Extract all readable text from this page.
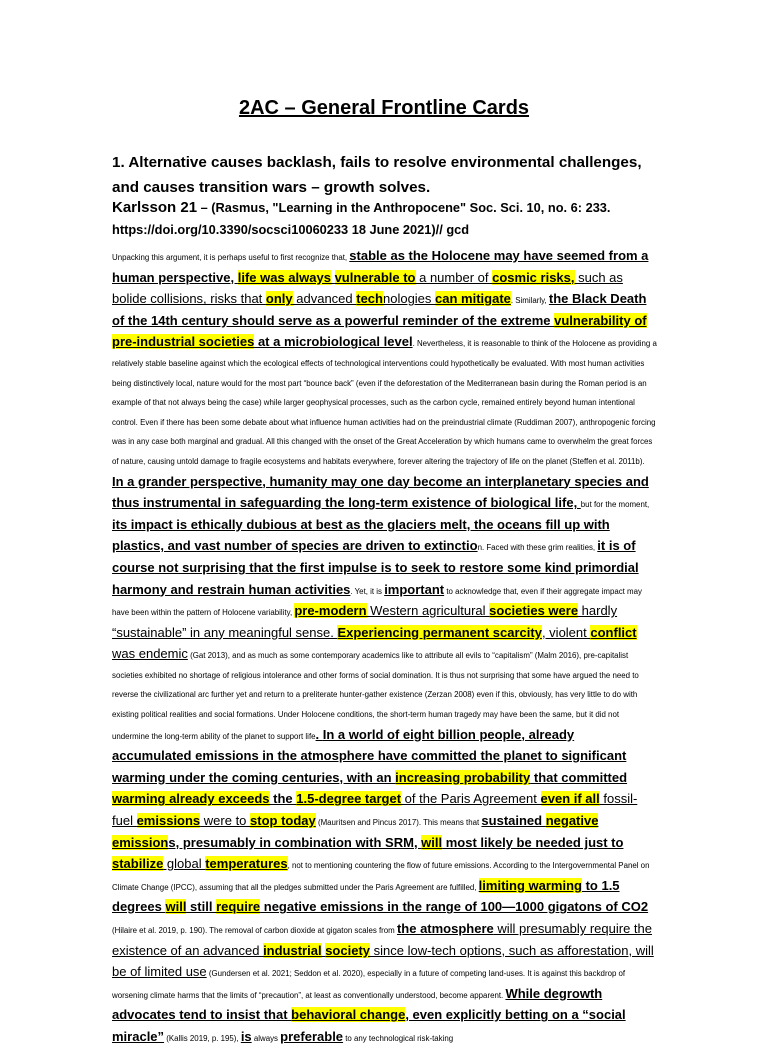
2AC – General Frontline Cards

1. Alternative causes backlash, fails to resolve environmental challenges, and causes transition wars – growth solves.

Karlsson 21 – (Rasmus, "Learning in the Anthropocene" Soc. Sci. 10, no. 6: 233. https://doi.org/10.3390/socsci10060233 18 June 2021)// gcd

Unpacking this argument, it is perhaps useful to first recognize that, stable as the Holocene may have seemed from a human perspective, life was always vulnerable to a number of cosmic risks, such as bolide collisions, risks that only advanced technologies can mitigate. Similarly, the Black Death of the 14th century should serve as a powerful reminder of the extreme vulnerability of pre-industrial societies at a microbiological level. Nevertheless, it is reasonable to think of the Holocene as providing a relatively stable baseline against which the ecological effects of technological interventions could hypothetically be evaluated. With most human activities being distinctively local, nature would for the most part “bounce back” (even if the deforestation of the Mediterranean basin during the Roman period is an example of that not always being the case) while larger geophysical processes, such as the carbon cycle, remained entirely beyond human intentional control. Even if there has been some debate about what influence human activities had on the preindustrial climate (Ruddiman 2007), anthropogenic forcing was in any case both marginal and gradual. All this changed with the onset of the Great Acceleration by which humans came to overwhelm the great forces of nature, causing untold damage to fragile ecosystems and habitats everywhere, forever altering the trajectory of life on the planet (Steffen et al. 2011b). In a grander perspective, humanity may one day become an interplanetary species and thus instrumental in safeguarding the long-term existence of biological life, but for the moment, its impact is ethically dubious at best as the glaciers melt, the oceans fill up with plastics, and vast number of species are driven to extinction. Faced with these grim realities, it is of course not surprising that the first impulse is to seek to restore some kind primordial harmony and restrain human activities. Yet, it is important to acknowledge that, even if their aggregate impact may have been within the pattern of Holocene variability, pre-modern Western agricultural societies were hardly “sustainable” in any meaningful sense. Experiencing permanent scarcity, violent conflict was endemic (Gat 2013), and as much as some contemporary academics like to attribute all evils to “capitalism” (Malm 2016), pre-capitalist societies exhibited no shortage of religious intolerance and other forms of social domination. It is thus not surprising that some have argued the need to reverse the civilizational arc further yet and return to a preliterate hunter-gather existence (Zerzan 2008) even if this, obviously, has very little to do with existing political realities and social formations. Under Holocene conditions, the short-term human tragedy may have been the same, but it did not undermine the long-term ability of the planet to support life. In a world of eight billion people, already accumulated emissions in the atmosphere have committed the planet to significant warming under the coming centuries, with an increasing probability that committed warming already exceeds the 1.5-degree target of the Paris Agreement even if all fossil-fuel emissions were to stop today (Mauritsen and Pincus 2017). This means that sustained negative emissions, presumably in combination with SRM, will most likely be needed just to stabilize global temperatures, not to mentioning countering the flow of future emissions. According to the Intergovernmental Panel on Climate Change (IPCC), assuming that all the pledges submitted under the Paris Agreement are fulfilled, limiting warming to 1.5 degrees will still require negative emissions in the range of 100—1000 gigatons of CO2 (Hilaire et al. 2019, p. 190). The removal of carbon dioxide at gigaton scales from the atmosphere will presumably require the existence of an advanced industrial society since low-tech options, such as afforestation, will be of limited use (Gundersen et al. 2021; Seddon et al. 2020), especially in a future of competing land-uses. It is against this backdrop of worsening climate harms that the limits of “precaution”, at least as conventionally understood, become apparent. While degrowth advocates tend to insist that behavioral change, even explicitly betting on a “social miracle” (Kallis 2019, p. 195), is always preferable to any technological risk-taking
